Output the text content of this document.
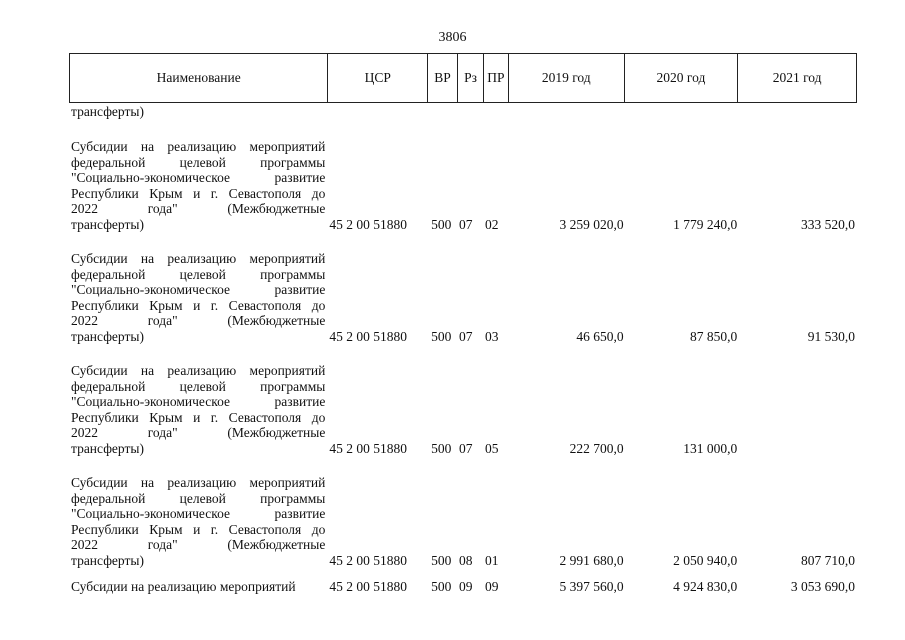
3806
Наименование	ЦСР	ВР Рз ПР	2019 год	2020 год	2021 год
трансферты)
Субсидии на реализацию мероприятий
федеральной целевой программы
"Социально-экономическое развитие
Республики Крым и г. Севастополя до
2022 года" (Межбюджетные
трансферты)	45 2 00 51880	500 07 02	3 259 020,0	1 779 240,0	333 520,0
Субсидии на реализацию мероприятий
федеральной целевой программы
"Социально-экономическое развитие
Республики Крым и г. Севастополя до
2022 года" (Межбюджетные
трансферты)	45 2 00 51880	500 07 03	46 650,0	87 850,0	91 530,0
Субсидии на реализацию мероприятий
федеральной целевой программы
"Социально-экономическое развитие
Республики Крым и г. Севастополя до
2022 года" (Межбюджетные
трансферты)	45 2 00 51880	500 07 05	222 700,0	131 000,0
Субсидии на реализацию мероприятий
федеральной целевой программы
"Социально-экономическое развитие
Республики Крым и г. Севастополя до
2022 года" (Межбюджетные
трансферты)	45 2 00 51880	500 08 01	2 991 680,0	2 050 940,0	807 710,0
Субсидии на реализацию мероприятий	45 2 00 51880	500 09 09	5 397 560,0	4 924 830,0	3 053 690,0
